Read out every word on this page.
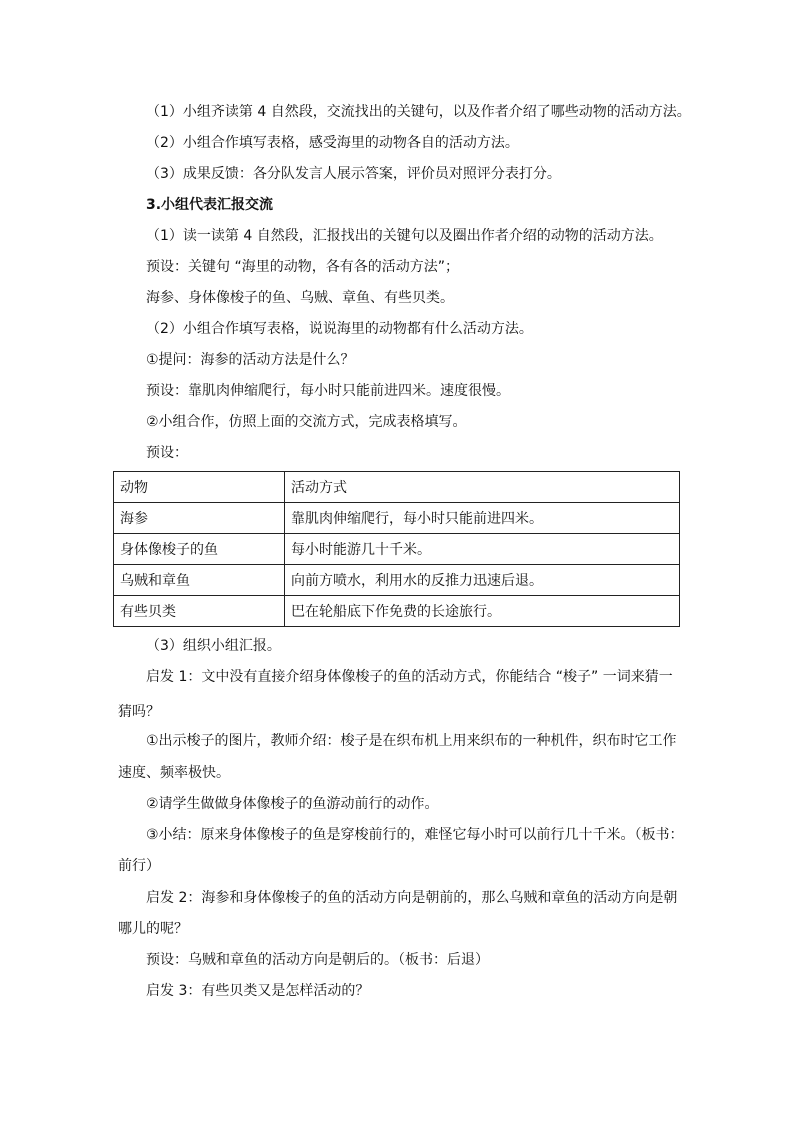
（1）小组齐读第 4 自然段，交流找出的关键句，以及作者介绍了哪些动物的活动方法。
（2）小组合作填写表格，感受海里的动物各自的活动方法。
（3）成果反馈：各分队发言人展示答案，评价员对照评分表打分。
3.小组代表汇报交流
（1）读一读第 4 自然段，汇报找出的关键句以及圈出作者介绍的动物的活动方法。
预设：关键句 “海里的动物，各有各的活动方法”；
海参、身体像梭子的鱼、乌贼、章鱼、有些贝类。
（2）小组合作填写表格，说说海里的动物都有什么活动方法。
①提问：海参的活动方法是什么？
预设：靠肌肉伸缩爬行，每小时只能前进四米。速度很慢。
②小组合作，仿照上面的交流方式，完成表格填写。
预设：
动物	活动方式
海参	靠肌肉伸缩爬行，每小时只能前进四米。
身体像梭子的鱼	每小时能游几十千米。
乌贼和章鱼	向前方喷水，利用水的反推力迅速后退。
有些贝类	巴在轮船底下作免费的长途旅行。
（3）组织小组汇报。
启发 1：文中没有直接介绍身体像梭子的鱼的活动方式，你能结合 “梭子” 一词来猜一
猜吗？
①出示梭子的图片，教师介绍：梭子是在织布机上用来织布的一种机件，织布时它工作
速度、频率极快。
②请学生做做身体像梭子的鱼游动前行的动作。
③小结：原来身体像梭子的鱼是穿梭前行的，难怪它每小时可以前行几十千米。（板书：
前行）
启发 2：海参和身体像梭子的鱼的活动方向是朝前的，那么乌贼和章鱼的活动方向是朝
哪儿的呢？
预设：乌贼和章鱼的活动方向是朝后的。（板书：后退）
启发 3：有些贝类又是怎样活动的？
